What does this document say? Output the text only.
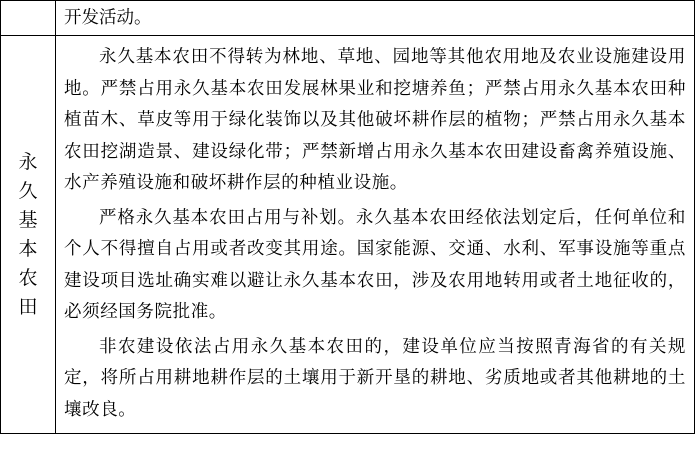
	开发活动。

永久基本农田	永久基本农田不得转为林地、草地、园地等其他农用地及农业设施建设用地。严禁占用永久基本农田发展林果业和挖塘养鱼；严禁占用永久基本农田种植苗木、草皮等用于绿化装饰以及其他破坏耕作层的植物；严禁占用永久基本农田挖湖造景、建设绿化带；严禁新增占用永久基本农田建设畜禽养殖设施、水产养殖设施和破坏耕作层的种植业设施。

严格永久基本农田占用与补划。永久基本农田经依法划定后，任何单位和个人不得擅自占用或者改变其用途。国家能源、交通、水利、军事设施等重点建设项目选址确实难以避让永久基本农田，涉及农用地转用或者土地征收的，必须经国务院批准。

非农建设依法占用永久基本农田的，建设单位应当按照青海省的有关规定，将所占用耕地耕作层的土壤用于新开垦的耕地、劣质地或者其他耕地的土壤改良。
